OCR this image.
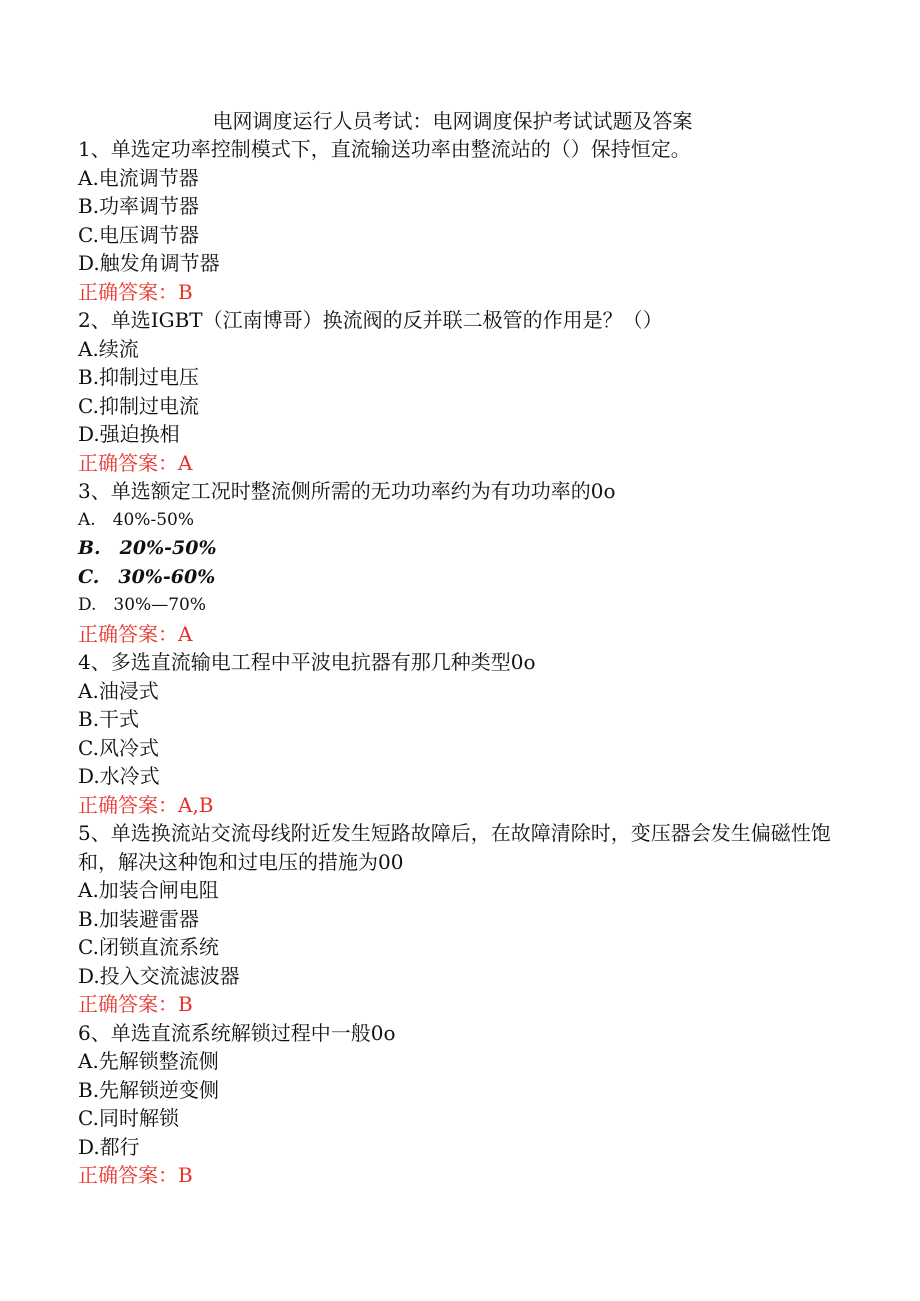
电网调度运行人员考试：电网调度保护考试试题及答案

1、单选定功率控制模式下，直流输送功率由整流站的（）保持恒定。

A.电流调节器

B.功率调节器

C.电压调节器

D.触发角调节器

正确答案：B

2、单选IGBT（江南博哥）换流阀的反并联二极管的作用是？（）

A.续流

B.抑制过电压

C.抑制过电流

D.强迫换相

正确答案：A

3、单选额定工况时整流侧所需的无功功率约为有功功率的0o

A.　40%-50%

B.　20%-50%

C.　30%-60%

D.　30%—70%

正确答案：A

4、多选直流输电工程中平波电抗器有那几种类型0o

A.油浸式

B.干式

C.风冷式

D.水冷式

正确答案：A,B

5、单选换流站交流母线附近发生短路故障后，在故障清除时，变压器会发生偏磁性饱和，解决这种饱和过电压的措施为00

A.加装合闸电阻

B.加装避雷器

C.闭锁直流系统

D.投入交流滤波器

正确答案：B

6、单选直流系统解锁过程中一般0o

A.先解锁整流侧

B.先解锁逆变侧

C.同时解锁

D.都行

正确答案：B
